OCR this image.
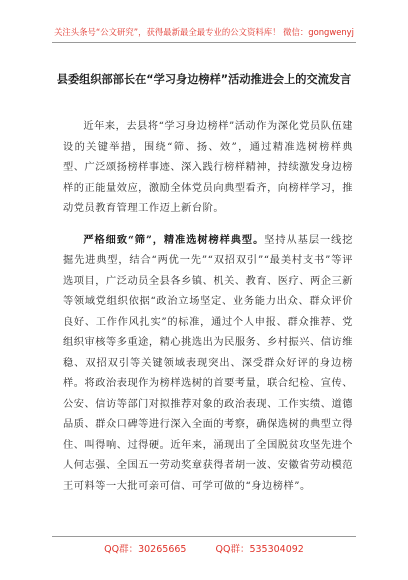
关注头条号“公文研究”，获得最新最全最专业的公文资料库！ 微信：gongwenyj
县委组织部部长在“学习身边榜样”活动推进会上的交流发言

近年来，去县将“学习身边榜样”活动作为深化党员队伍建设的关键举措，围绕“筛、扬、效”，通过精准选树榜样典型、广泛颂扬榜样事迹、深入践行榜样精神，持续激发身边榜样的正能量效应，激励全体党员向典型看齐，向榜样学习，推动党员教育管理工作迈上新台阶。

严格细致“筛”，精准选树榜样典型。坚持从基层一线挖掘先进典型，结合“两优一先”“双招双引”“最美村支书”等评选项目，广泛动员全县各乡镇、机关、教育、医疗、两企三新等领域党组织依据“政治立场坚定、业务能力出众、群众评价良好、工作作风扎实”的标准，通过个人申报、群众推荐、党组织审核等多重途，精心挑选出为民服务、乡村振兴、信访维稳、双招双引等关键领域表现突出、深受群众好评的身边榜样。将政治表现作为榜样选树的首要考量，联合纪检、宣传、公安、信访等部门对拟推荐对象的政治表现、工作实绩、道德品质、群众口碑等进行深入全面的考察，确保选树的典型立得住、叫得响、过得硬。近年来，涌现出了全国脱贫攻坚先进个人何志强、全国五一劳动奖章获得者胡一波、安徽省劳动模范王可料等一大批可亲可信、可学可做的“身边榜样”。

QQ群：30265665	QQ群：535304092
